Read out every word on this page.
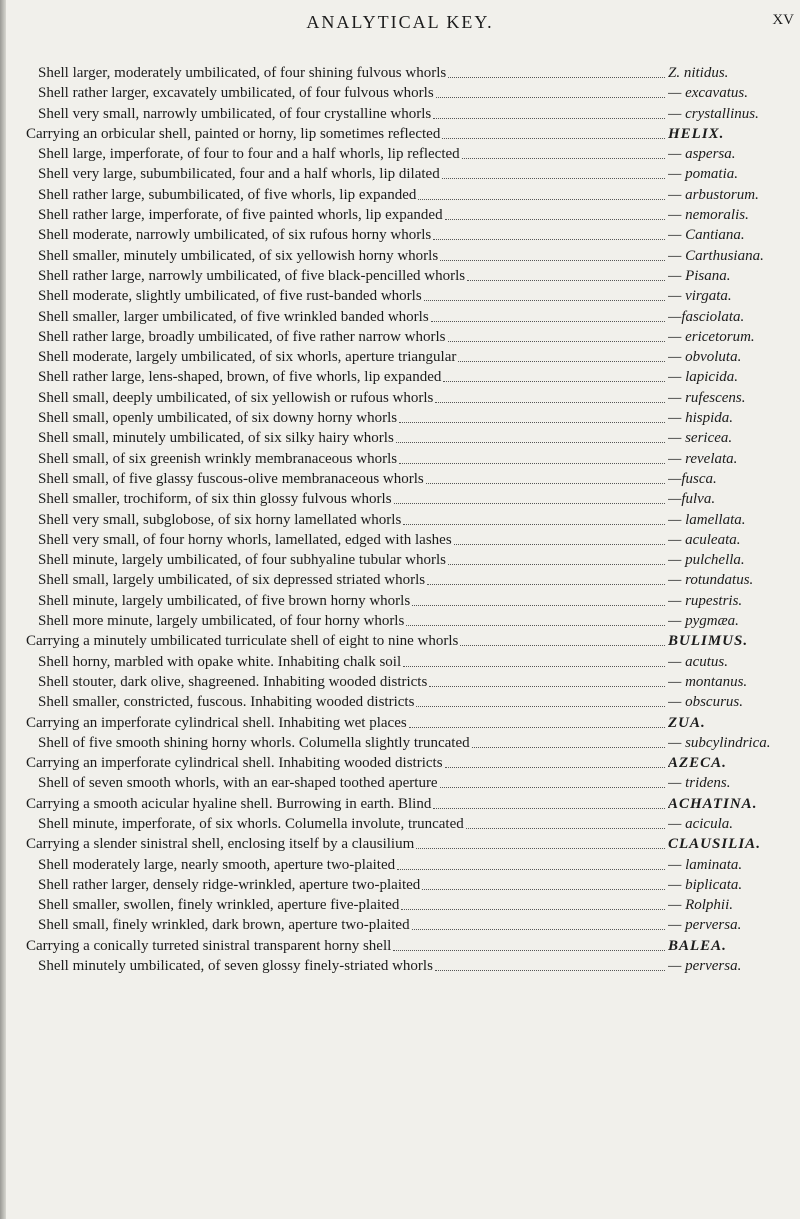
ANALYTICAL KEY.	XV
Shell larger, moderately umbilicated, of four shining fulvous whorls	Z. nitidus.
Shell rather larger, excavately umbilicated, of four fulvous whorls	— excavatus.
Shell very small, narrowly umbilicated, of four crystalline whorls	— crystallinus.
Carrying an orbicular shell, painted or horny, lip sometimes reflected	HELIX.
Shell large, imperforate, of four to four and a half whorls, lip reflected	— aspersa.
Shell very large, subumbilicated, four and a half whorls, lip dilated	— pomatia.
Shell rather large, subumbilicated, of five whorls, lip expanded	— arbustorum.
Shell rather large, imperforate, of five painted whorls, lip expanded	— nemoralis.
Shell moderate, narrowly umbilicated, of six rufous horny whorls	— Cantiana.
Shell smaller, minutely umbilicated, of six yellowish horny whorls	— Carthusiana.
Shell rather large, narrowly umbilicated, of five black-pencilled whorls	— Pisana.
Shell moderate, slightly umbilicated, of five rust-banded whorls	— virgata.
Shell smaller, larger umbilicated, of five wrinkled banded whorls	—fasciolata.
Shell rather large, broadly umbilicated, of five rather narrow whorls	— ericetorum.
Shell moderate, largely umbilicated, of six whorls, aperture triangular	— obvoluta.
Shell rather large, lens-shaped, brown, of five whorls, lip expanded	— lapicida.
Shell small, deeply umbilicated, of six yellowish or rufous whorls	— rufescens.
Shell small, openly umbilicated, of six downy horny whorls	— hispida.
Shell small, minutely umbilicated, of six silky hairy whorls	— sericea.
Shell small, of six greenish wrinkly membranaceous whorls	— revelata.
Shell small, of five glassy fuscous-olive membranaceous whorls	—fusca.
Shell smaller, trochiform, of six thin glossy fulvous whorls	—fulva.
Shell very small, subglobose, of six horny lamellated whorls	— lamellata.
Shell very small, of four horny whorls, lamellated, edged with lashes	— aculeata.
Shell minute, largely umbilicated, of four subhyaline tubular whorls	— pulchella.
Shell small, largely umbilicated, of six depressed striated whorls	— rotundatus.
Shell minute, largely umbilicated, of five brown horny whorls	— rupestris.
Shell more minute, largely umbilicated, of four horny whorls	— pygmæa.
Carrying a minutely umbilicated turriculate shell of eight to nine whorls	BULIMUS.
Shell horny, marbled with opake white. Inhabiting chalk soil	— acutus.
Shell stouter, dark olive, shagreened. Inhabiting wooded districts	— montanus.
Shell smaller, constricted, fuscous. Inhabiting wooded districts	— obscurus.
Carrying an imperforate cylindrical shell. Inhabiting wet places	ZUA.
Shell of five smooth shining horny whorls. Columella slightly truncated	— subcylindrica.
Carrying an imperforate cylindrical shell. Inhabiting wooded districts	AZECA.
Shell of seven smooth whorls, with an ear-shaped toothed aperture	— tridens.
Carrying a smooth acicular hyaline shell. Burrowing in earth. Blind	ACHATINA.
Shell minute, imperforate, of six whorls. Columella involute, truncated	— acicula.
Carrying a slender sinistral shell, enclosing itself by a clausilium	CLAUSILIA.
Shell moderately large, nearly smooth, aperture two-plaited	— laminata.
Shell rather larger, densely ridge-wrinkled, aperture two-plaited	— biplicata.
Shell smaller, swollen, finely wrinkled, aperture five-plaited	— Rolphii.
Shell small, finely wrinkled, dark brown, aperture two-plaited	— perversa.
Carrying a conically turreted sinistral transparent horny shell	BALEA.
Shell minutely umbilicated, of seven glossy finely-striated whorls	— perversa.
